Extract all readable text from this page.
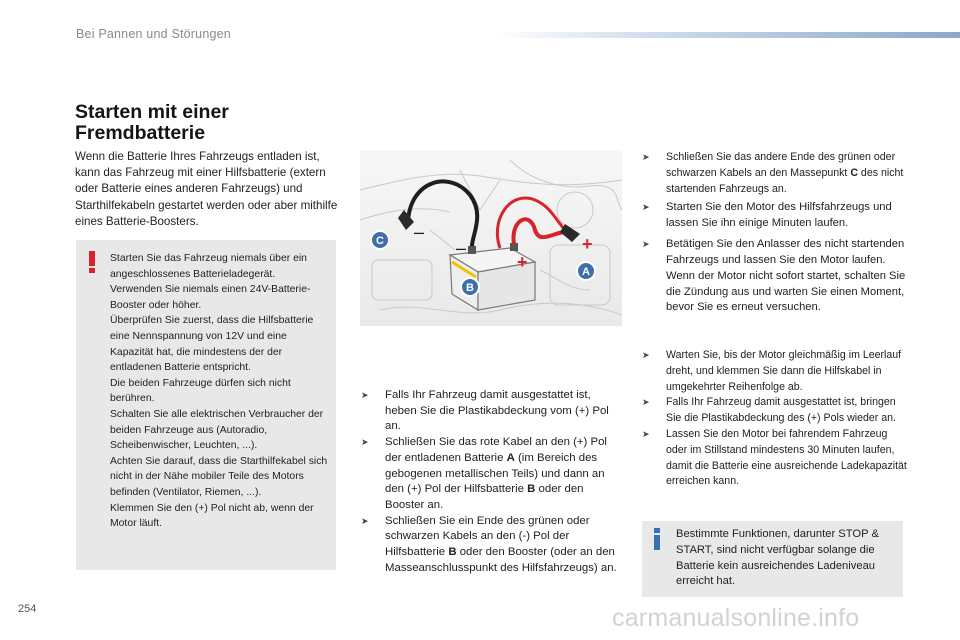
Bei Pannen und Störungen
Starten mit einer
Fremdbatterie
Wenn die Batterie Ihres Fahrzeugs entladen ist, kann das Fahrzeug mit einer Hilfsbatterie (extern oder Batterie eines anderen Fahrzeugs) und Starthilfekabeln gestartet werden oder aber mithilfe eines Batterie-Boosters.
Starten Sie das Fahrzeug niemals über ein angeschlossenes Batterieladegerät.
Verwenden Sie niemals einen 24V-Batterie-Booster oder höher.
Überprüfen Sie zuerst, dass die Hilfsbatterie eine Nennspannung von 12V und eine Kapazität hat, die mindestens der der entladenen Batterie entspricht.
Die beiden Fahrzeuge dürfen sich nicht berühren.
Schalten Sie alle elektrischen Verbraucher der beiden Fahrzeuge aus (Autoradio, Scheibenwischer, Leuchten, ...).
Achten Sie darauf, dass die Starthilfekabel sich nicht in der Nähe mobiler Teile des Motors befinden (Ventilator, Riemen, ...).
Klemmen Sie den (+) Pol nicht ab, wenn der Motor läuft.
–
–
+
+
C
B
A

➤ Falls Ihr Fahrzeug damit ausgestattet ist, heben Sie die Plastikabdeckung vom (+) Pol an.

➤ Schließen Sie das rote Kabel an den (+) Pol der entladenen Batterie A (im Bereich des gebogenen metallischen Teils) und dann an den (+) Pol der Hilfsbatterie B oder den Booster an.

➤ Schließen Sie ein Ende des grünen oder schwarzen Kabels an den (-) Pol der Hilfsbatterie B oder den Booster (oder an den Masseanschlusspunkt des Hilfsfahrzeugs) an.

➤ Schließen Sie das andere Ende des grünen oder schwarzen Kabels an den Massepunkt C des nicht startenden Fahrzeugs an.

➤ Starten Sie den Motor des Hilfsfahrzeugs und lassen Sie ihn einige Minuten laufen.

➤ Betätigen Sie den Anlasser des nicht startenden Fahrzeugs und lassen Sie den Motor laufen.
Wenn der Motor nicht sofort startet, schalten Sie die Zündung aus und warten Sie einen Moment, bevor Sie es erneut versuchen.

➤ Warten Sie, bis der Motor gleichmäßig im Leerlauf dreht, und klemmen Sie dann die Hilfskabel in umgekehrter Reihenfolge ab.

➤ Falls Ihr Fahrzeug damit ausgestattet ist, bringen Sie die Plastikabdeckung des (+) Pols wieder an.

➤ Lassen Sie den Motor bei fahrendem Fahrzeug oder im Stillstand mindestens 30 Minuten laufen, damit die Batterie eine ausreichende Ladekapazität erreichen kann.

Bestimmte Funktionen, darunter STOP & START, sind nicht verfügbar solange die Batterie kein ausreichendes Ladeniveau erreicht hat.
254	carmanualsonline.info
